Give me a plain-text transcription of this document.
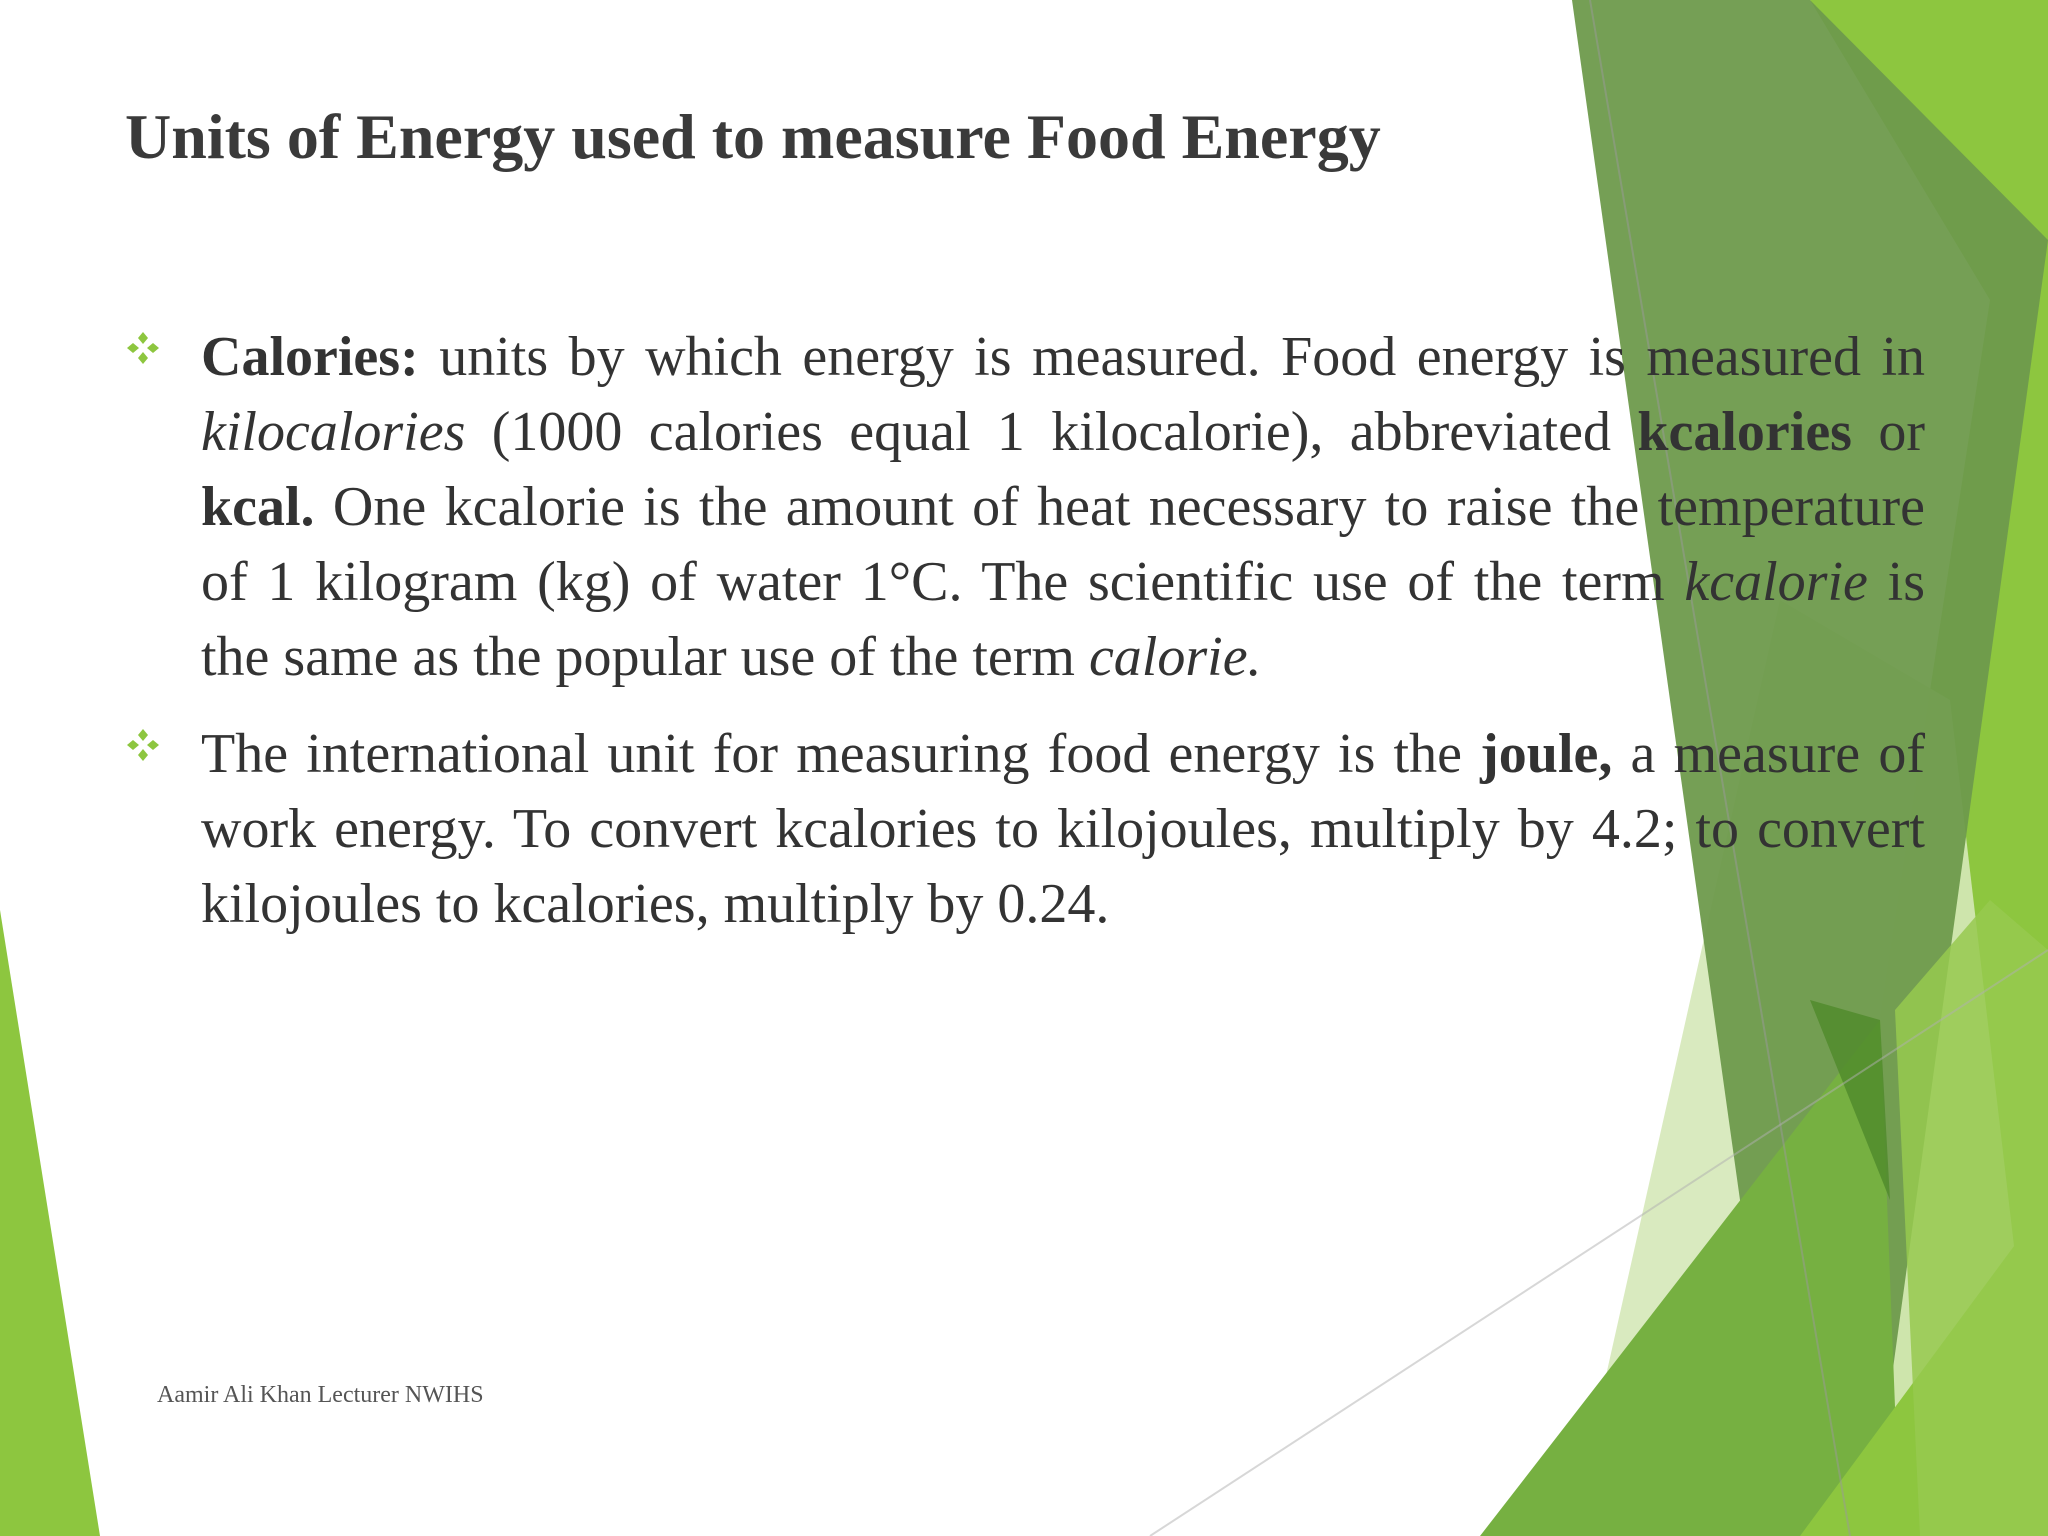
Units of Energy used to measure Food Energy

Calories: units by which energy is measured. Food energy is measured in kilocalories (1000 calories equal 1 kilocalorie), abbreviated kcalories or kcal. One kcalorie is the amount of heat necessary to raise the temperature of 1 kilogram (kg) of water 1°C. The scientific use of the term kcalorie is the same as the popular use of the term calorie.

The international unit for measuring food energy is the joule, a measure of work energy. To convert kcalories to kilojoules, multiply by 4.2; to convert kilojoules to kcalories, multiply by 0.24.

Aamir Ali Khan Lecturer NWIHS
